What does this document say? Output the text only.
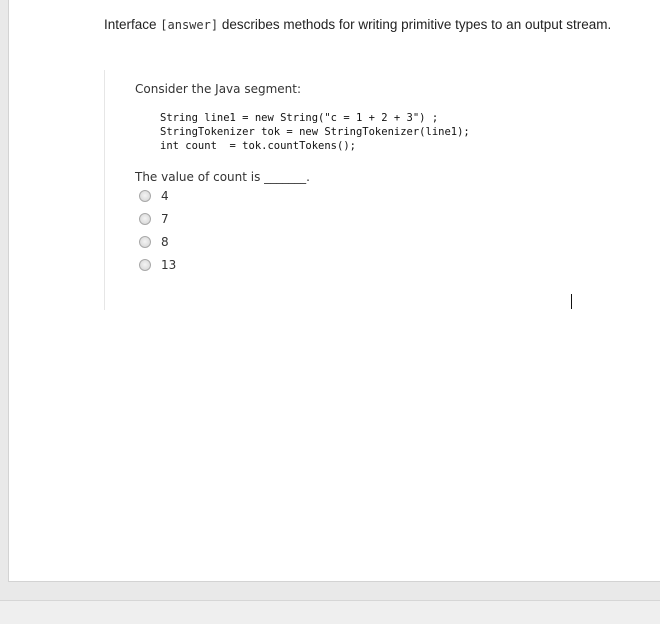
Interface [answer] describes methods for writing primitive types to an output stream.
Consider the Java segment:
String line1 = new String("c = 1 + 2 + 3") ;
StringTokenizer tok = new StringTokenizer(line1);
int count  = tok.countTokens();
The value of count is _______.
4
7
8
13
